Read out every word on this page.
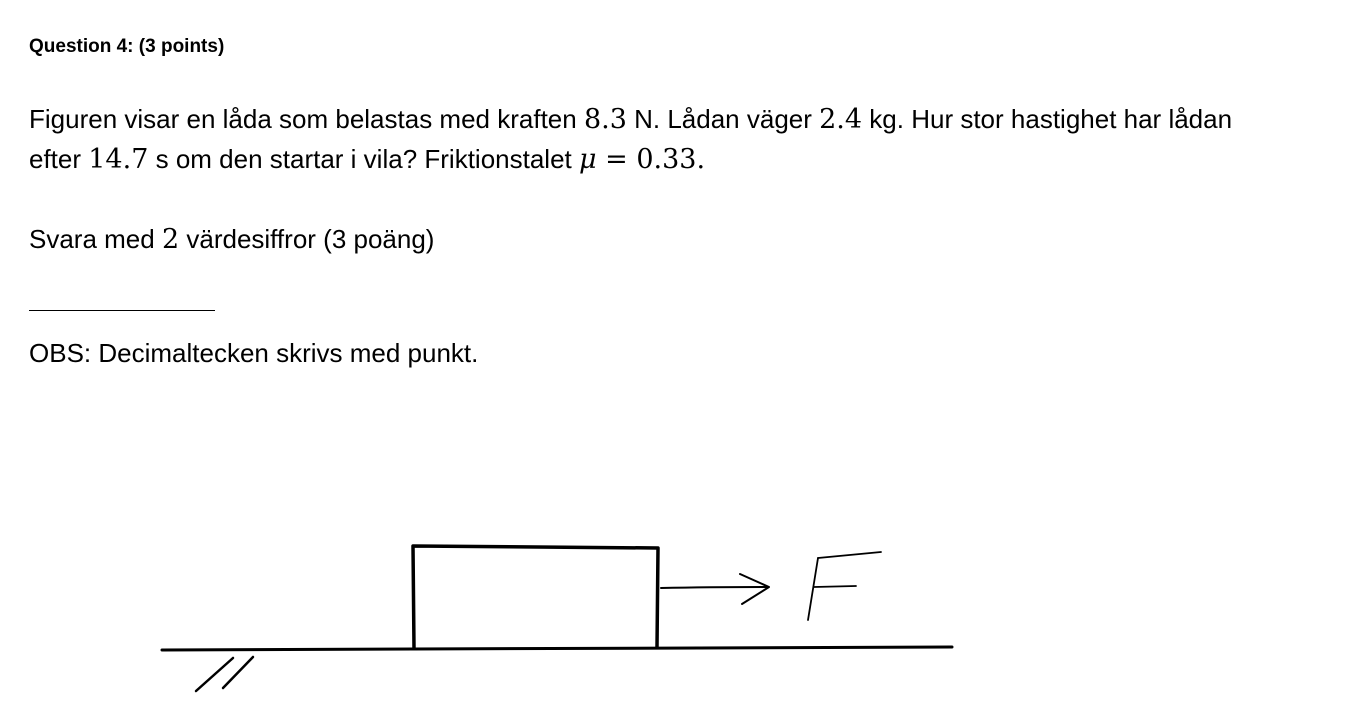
Question 4: (3 points)
Figuren visar en låda som belastas med kraften 8.3 N. Lådan väger 2.4 kg. Hur stor hastighet har lådan
efter 14.7 s om den startar i vila? Friktionstalet μ = 0.33.
Svara med 2 värdesiffror (3 poäng)
OBS: Decimaltecken skrivs med punkt.
